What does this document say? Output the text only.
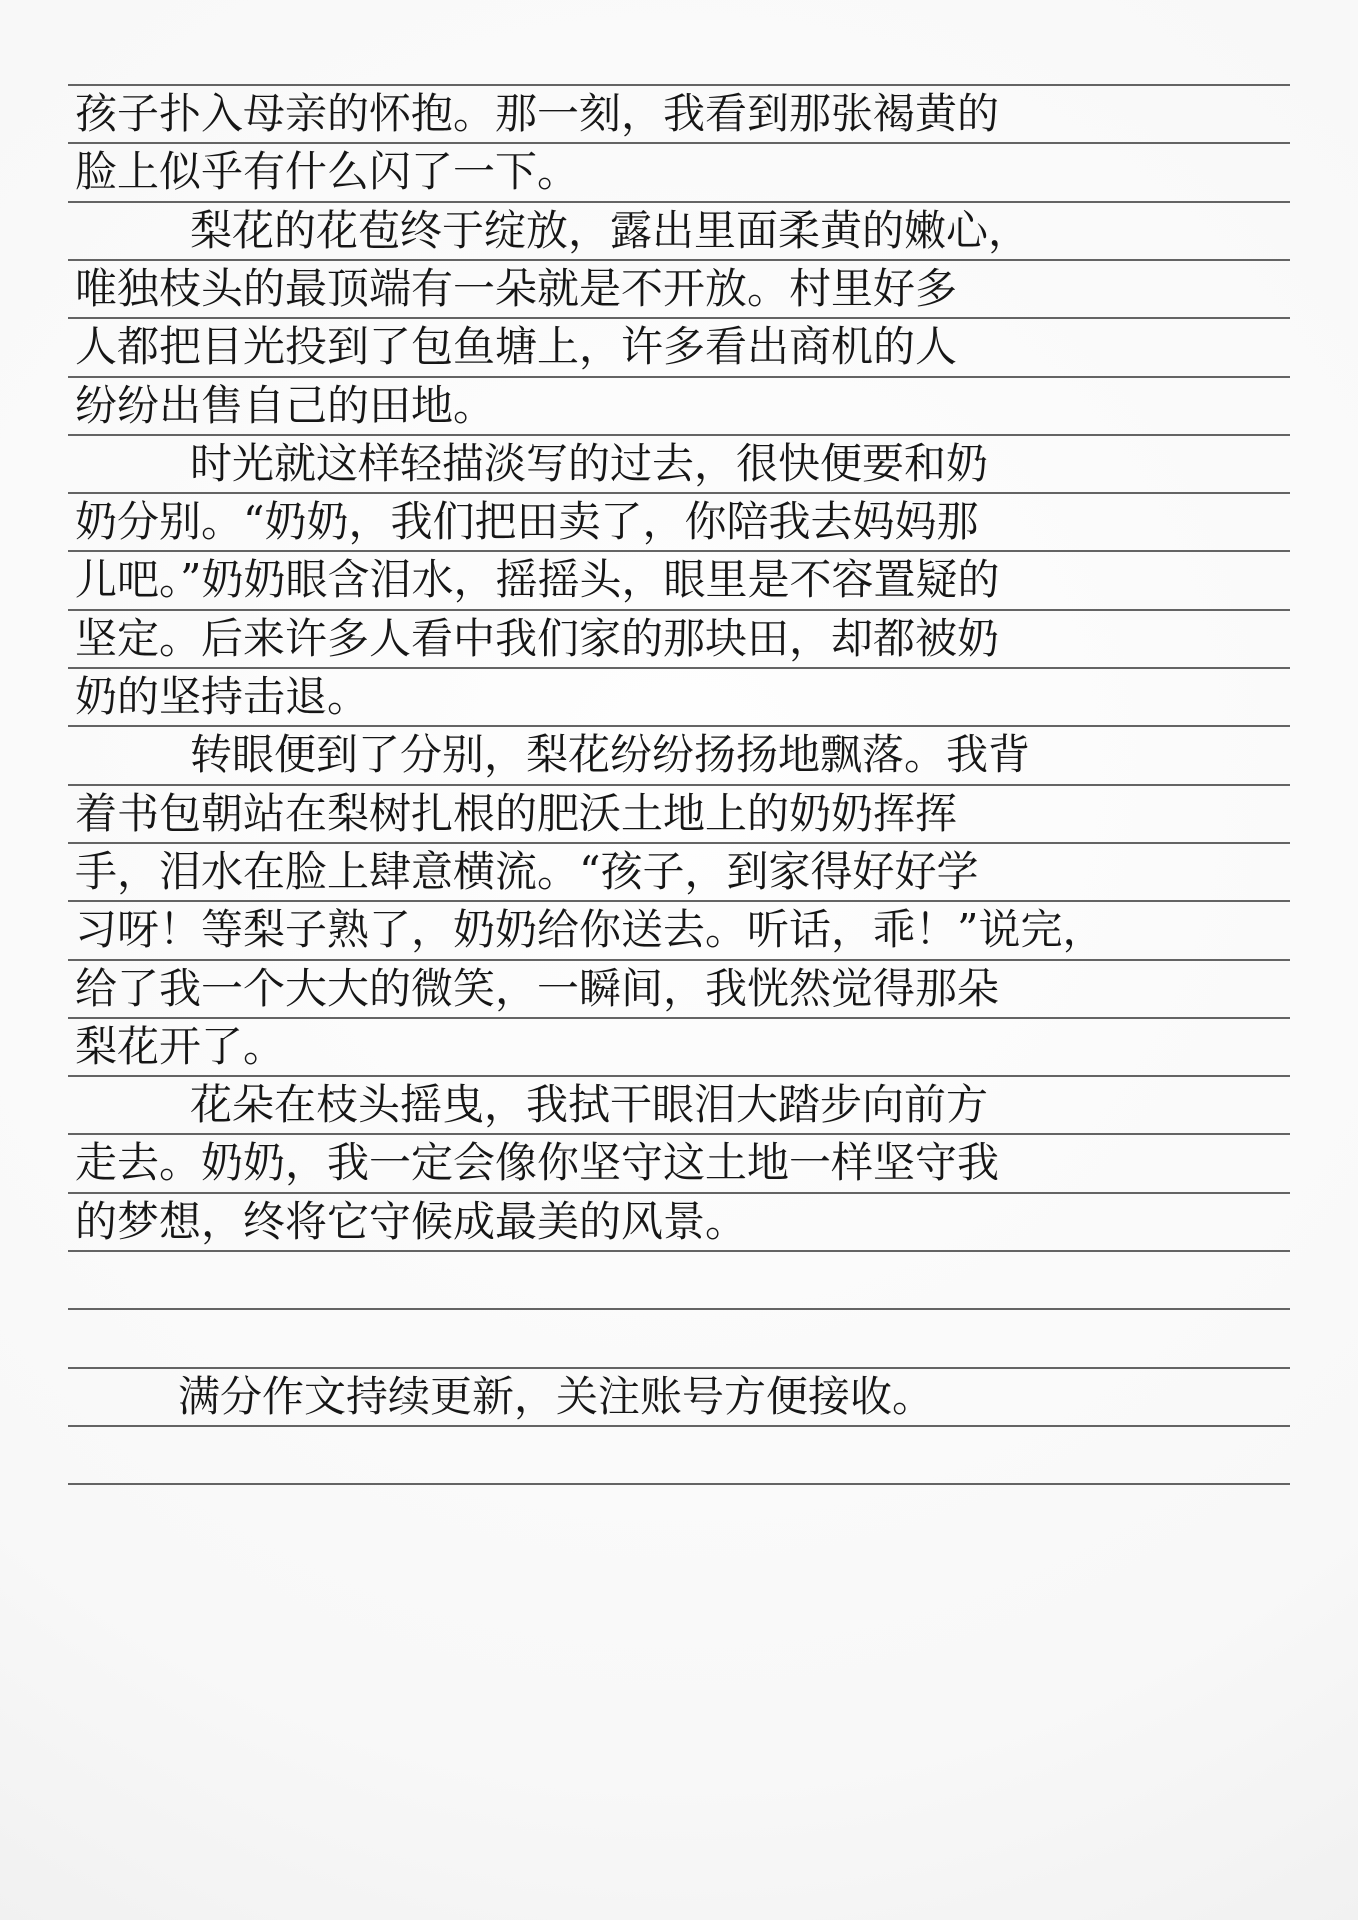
孩子扑入母亲的怀抱。那一刻，我看到那张褐黄的
脸上似乎有什么闪了一下。
梨花的花苞终于绽放，露出里面柔黄的嫩心，
唯独枝头的最顶端有一朵就是不开放。村里好多
人都把目光投到了包鱼塘上，许多看出商机的人
纷纷出售自己的田地。
时光就这样轻描淡写的过去，很快便要和奶
奶分别。“奶奶，我们把田卖了，你陪我去妈妈那
儿吧。”奶奶眼含泪水，摇摇头，眼里是不容置疑的
坚定。后来许多人看中我们家的那块田，却都被奶
奶的坚持击退。
转眼便到了分别，梨花纷纷扬扬地飘落。我背
着书包朝站在梨树扎根的肥沃土地上的奶奶挥挥
手，泪水在脸上肆意横流。“孩子，到家得好好学
习呀！等梨子熟了，奶奶给你送去。听话，乖！”说完，
给了我一个大大的微笑，一瞬间，我恍然觉得那朵
梨花开了。
花朵在枝头摇曳，我拭干眼泪大踏步向前方
走去。奶奶，我一定会像你坚守这土地一样坚守我
的梦想，终将它守候成最美的风景。
满分作文持续更新，关注账号方便接收。
